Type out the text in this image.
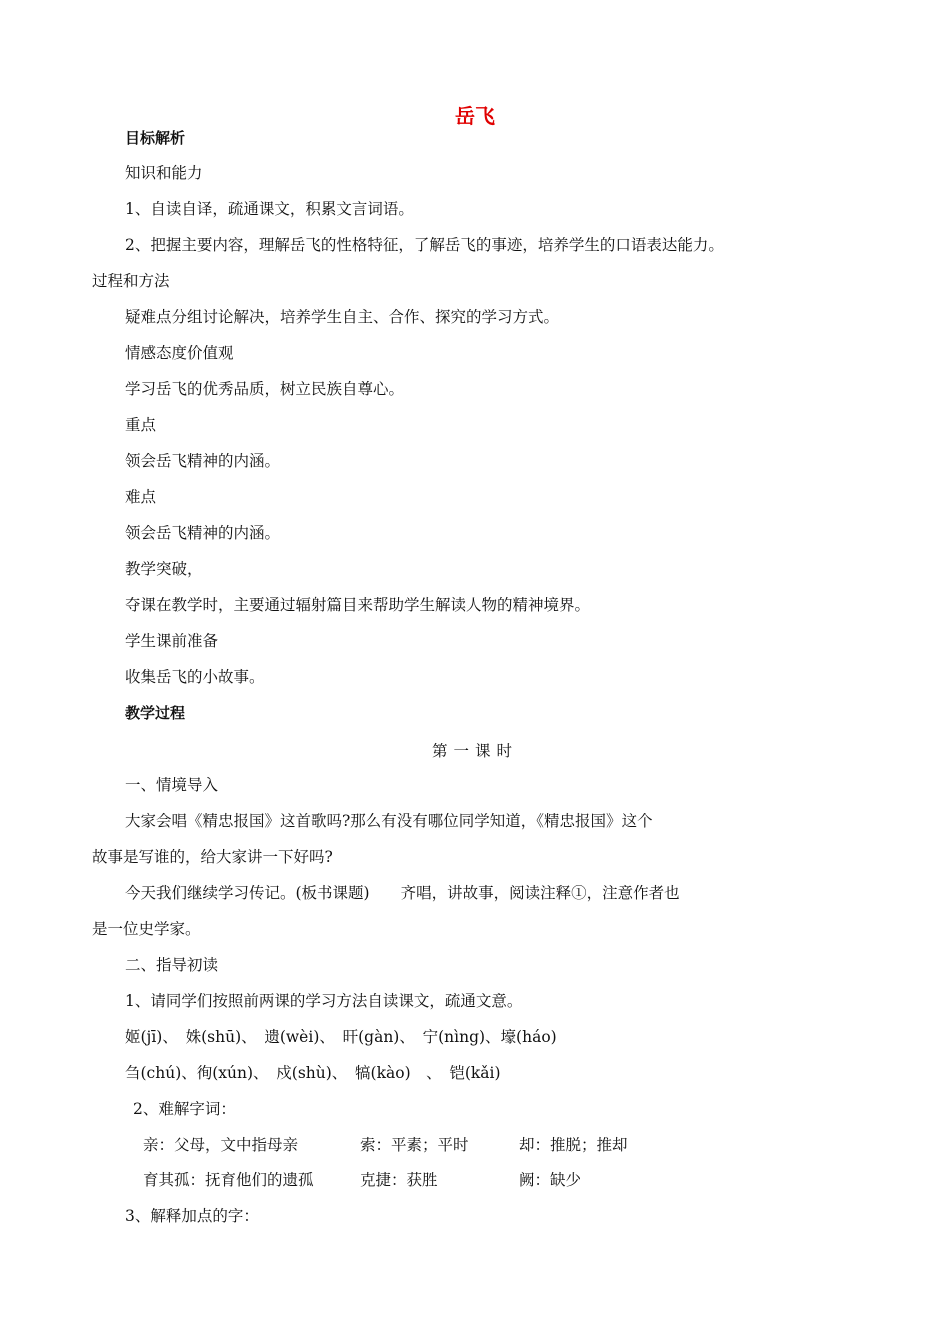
岳飞
目标解析
知识和能力
1、自读自译，疏通课文，积累文言词语。
2、把握主要内容，理解岳飞的性格特征，了解岳飞的事迹，培养学生的口语表达能力。
过程和方法
疑难点分组讨论解决，培养学生自主、合作、探究的学习方式。
情感态度价值观
学习岳飞的优秀品质，树立民族自尊心。
重点
领会岳飞精神的内涵。
难点
领会岳飞精神的内涵。
教学突破，
夺课在教学时，主要通过辐射篇目来帮助学生解读人物的精神境界。
学生课前准备
收集岳飞的小故事。
教学过程
第一课时
一、情境导入
大家会唱《精忠报国》这首歌吗?那么有没有哪位同学知道，《精忠报国》这个
故事是写谁的，给大家讲一下好吗?
今天我们继续学习传记。(板书课题)　　齐唱，讲故事，阅读注释①，注意作者也
是一位史学家。
二、指导初读
1、请同学们按照前两课的学习方法自读课文，疏通文意。
姬(jī)、　姝(shū)、　遗(wèi)、　旰(gàn)、　宁(nìng)、壕(háo)
刍(chú)、徇(xún)、　戍(shù)、　犒(kào)　、　铠(kǎi)
2、难解字词：
亲：父母，文中指母亲	索：平素；平时	却：推脱；推却
育其孤：抚育他们的遗孤	克捷：获胜	阙：缺少
3、解释加点的字：
